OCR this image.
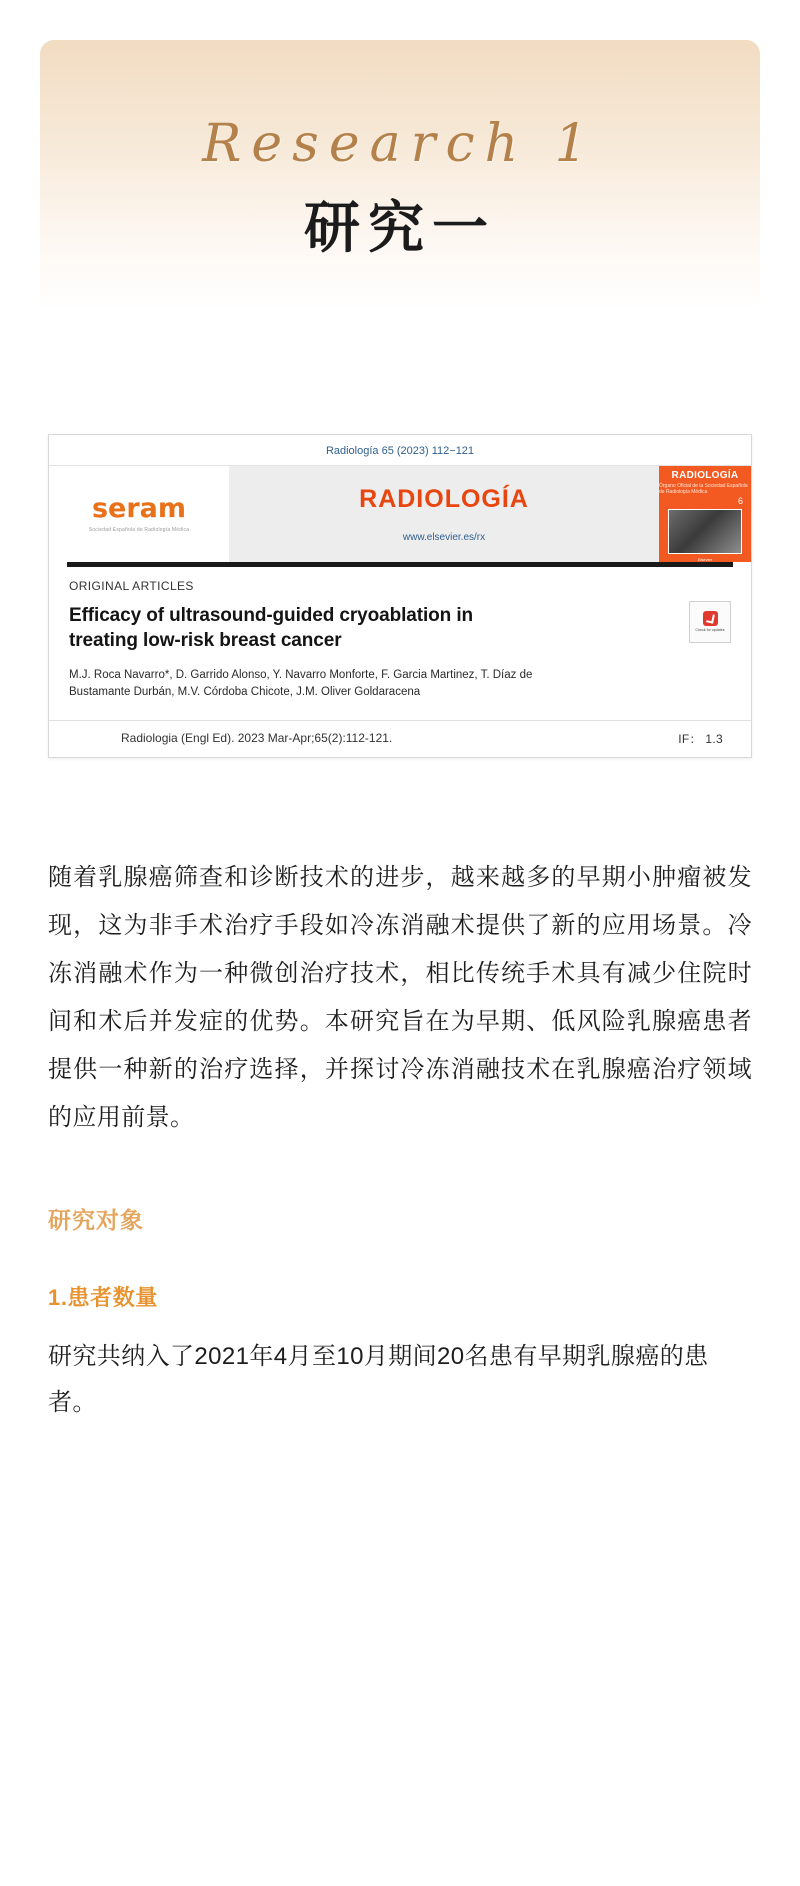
Research 1
研究一
Radiología 65 (2023) 112−121
seram
Sociedad Española de Radiología Médica
RADIOLOGÍA
www.elsevier.es/rx
RADIOLOGÍA
Órgano Oficial de la Sociedad Española de Radiología Médica
6
Elsevier
ORIGINAL ARTICLES
Efficacy of ultrasound-guided cryoablation in treating low-risk breast cancer
M.J. Roca Navarro*, D. Garrido Alonso, Y. Navarro Monforte, F. Garcia Martinez, T. Díaz de Bustamante Durbán, M.V. Córdoba Chicote, J.M. Oliver Goldaracena
Check for updates
Radiologia (Engl Ed). 2023 Mar-Apr;65(2):112-121.	IF： 1.3

随着乳腺癌筛查和诊断技术的进步，越来越多的早期小肿瘤被发现，这为非手术治疗手段如冷冻消融术提供了新的应用场景。冷冻消融术作为一种微创治疗技术，相比传统手术具有减少住院时间和术后并发症的优势。本研究旨在为早期、低风险乳腺癌患者提供一种新的治疗选择，并探讨冷冻消融技术在乳腺癌治疗领域的应用前景。

研究对象
1.患者数量

研究共纳入了2021年4月至10月期间20名患有早期乳腺癌的患者。
